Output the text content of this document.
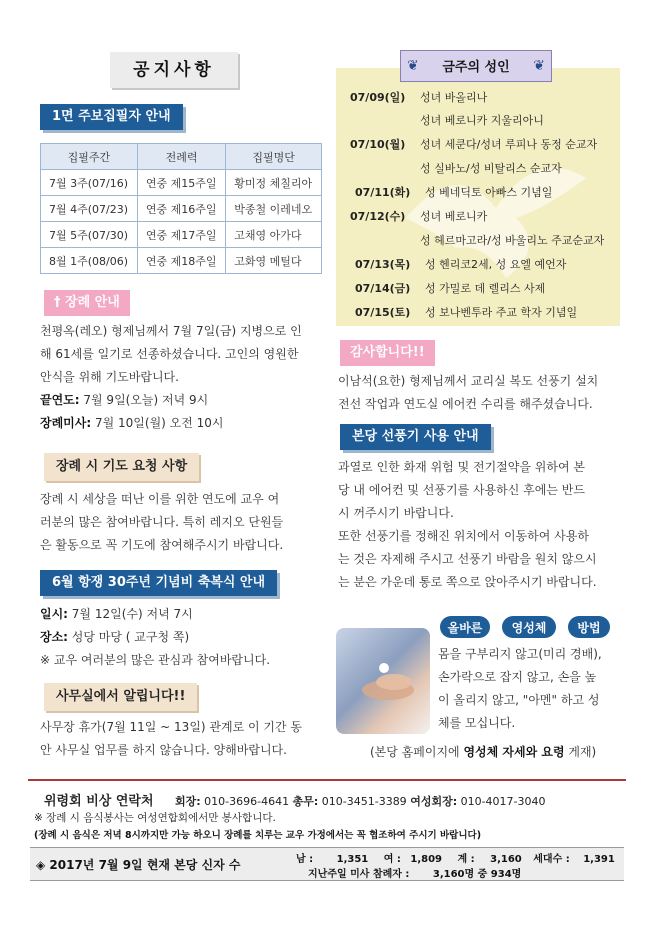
공지사항
1면 주보집필자 안내
집필주간	전례력	집필명단
7월 3주(07/16)	연중 제15주일	황미정 체칠리아
7월 4주(07/23)	연중 제16주일	박종철 이레네오
7월 5주(07/30)	연중 제17주일	고채영 아가다
8월 1주(08/06)	연중 제18주일	고화영 메틸다
† 장례 안내

천평옥(레오) 형제님께서 7월 7일(금) 지병으로 인

해 61세를 일기로 선종하셨습니다. 고인의 영원한

안식을 위해 기도바랍니다.

끝연도: 7월 9일(오늘) 저녁 9시

장례미사: 7월 10일(월) 오전 10시

장례 시 기도 요청 사항

장례 시 세상을 떠난 이를 위한 연도에 교우 여

러분의 많은 참여바랍니다. 특히 레지오 단원들

은 활동으로 꼭 기도에 참여해주시기 바랍니다.

6월 항쟁 30주년 기념비 축복식 안내

일시: 7월 12일(수) 저녁 7시

장소: 성당 마당 ( 교구청 쪽)

※ 교우 여러분의 많은 관심과 참여바랍니다.

사무실에서 알립니다!!

사무장 휴가(7월 11일 ~ 13일) 관계로 이 기간 동

안 사무실 업무를 하지 않습니다. 양해바랍니다.

❦ 금주의 성인 ❦
07/09(일) 성녀 바올리나
성녀 베로니카 지울리아니
07/10(월) 성녀 세쿤다/성녀 루피나 동정 순교자
성 실바노/성 비탈리스 순교자
07/11(화) 성 베네딕토 아빠스 기념일
07/12(수) 성녀 베로니카
성 헤르마고라/성 바울리노 주교순교자
07/13(목) 성 헨리코2세, 성 요엘 예언자
07/14(금) 성 가밀로 데 렐리스 사제
07/15(토) 성 보나벤투라 주교 학자 기념일
감사합니다!!

이남석(요한) 형제님께서 교리실 복도 선풍기 설치

전선 작업과 연도실 에어컨 수리를 해주셨습니다.

본당 선풍기 사용 안내

과열로 인한 화재 위험 및 전기절약을 위하여 본

당 내 에어컨 및 선풍기를 사용하신 후에는 반드

시 꺼주시기 바랍니다.

또한 선풍기를 정해진 위치에서 이동하여 사용하

는 것은 자제해 주시고 선풍기 바람을 원치 않으시

는 분은 가운데 통로 쪽으로 앉아주시기 바랍니다.

올바른	영성체	방법

몸을 구부리지 않고(미리 경배),

손가락으로 잡지 않고, 손을 높

이 올리지 않고, "아멘" 하고 성

체를 모십니다.

(본당 홈페이지에 영성체 자세와 요령 게재)

위령회 비상 연락처 회장: 010-3696-4641 총무: 010-3451-3389 여성회장: 010-4017-3040
※ 장례 시 음식봉사는 여성연합회에서만 봉사합니다.
(장례 시 음식은 저녁 8시까지만 가능 하오니 장례를 치루는 교우 가정에서는 꼭 협조하여 주시기 바랍니다)
◈ 2017년 7월 9일 현재 본당 신자 수	남 : 1,351 여 : 1,809 계 : 3,160 세대수 : 1,391
지난주일 미사 참례자 : 3,160명 중 934명
